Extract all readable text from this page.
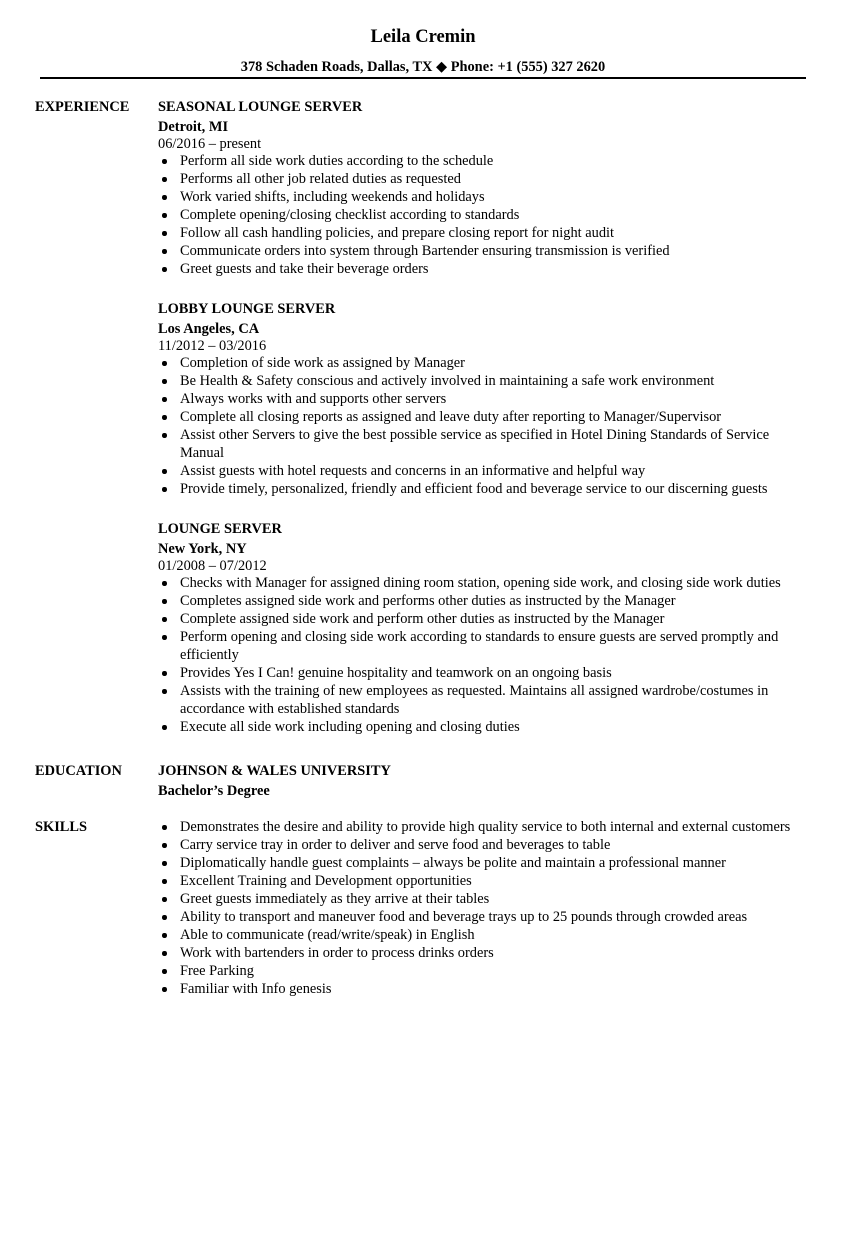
Leila Cremin
378 Schaden Roads, Dallas, TX ◆ Phone: +1 (555) 327 2620
EXPERIENCE SEASONAL LOUNGE SERVER
Detroit, MI
06/2016 – present
Perform all side work duties according to the schedule
Performs all other job related duties as requested
Work varied shifts, including weekends and holidays
Complete opening/closing checklist according to standards
Follow all cash handling policies, and prepare closing report for night audit
Communicate orders into system through Bartender ensuring transmission is verified
Greet guests and take their beverage orders
LOBBY LOUNGE SERVER
Los Angeles, CA
11/2012 – 03/2016
Completion of side work as assigned by Manager
Be Health & Safety conscious and actively involved in maintaining a safe work environment
Always works with and supports other servers
Complete all closing reports as assigned and leave duty after reporting to Manager/Supervisor
Assist other Servers to give the best possible service as specified in Hotel Dining Standards of Service Manual
Assist guests with hotel requests and concerns in an informative and helpful way
Provide timely, personalized, friendly and efficient food and beverage service to our discerning guests
LOUNGE SERVER
New York, NY
01/2008 – 07/2012
Checks with Manager for assigned dining room station, opening side work, and closing side work duties
Completes assigned side work and performs other duties as instructed by the Manager
Complete assigned side work and perform other duties as instructed by the Manager
Perform opening and closing side work according to standards to ensure guests are served promptly and efficiently
Provides Yes I Can! genuine hospitality and teamwork on an ongoing basis
Assists with the training of new employees as requested. Maintains all assigned wardrobe/costumes in accordance with established standards
Execute all side work including opening and closing duties
EDUCATION	JOHNSON & WALES UNIVERSITY
Bachelor’s Degree
SKILLS	Demonstrates the desire and ability to provide high quality service to both internal and external customers
Carry service tray in order to deliver and serve food and beverages to table
Diplomatically handle guest complaints – always be polite and maintain a professional manner
Excellent Training and Development opportunities
Greet guests immediately as they arrive at their tables
Ability to transport and maneuver food and beverage trays up to 25 pounds through crowded areas
Able to communicate (read/write/speak) in English
Work with bartenders in order to process drinks orders
Free Parking
Familiar with Info genesis
